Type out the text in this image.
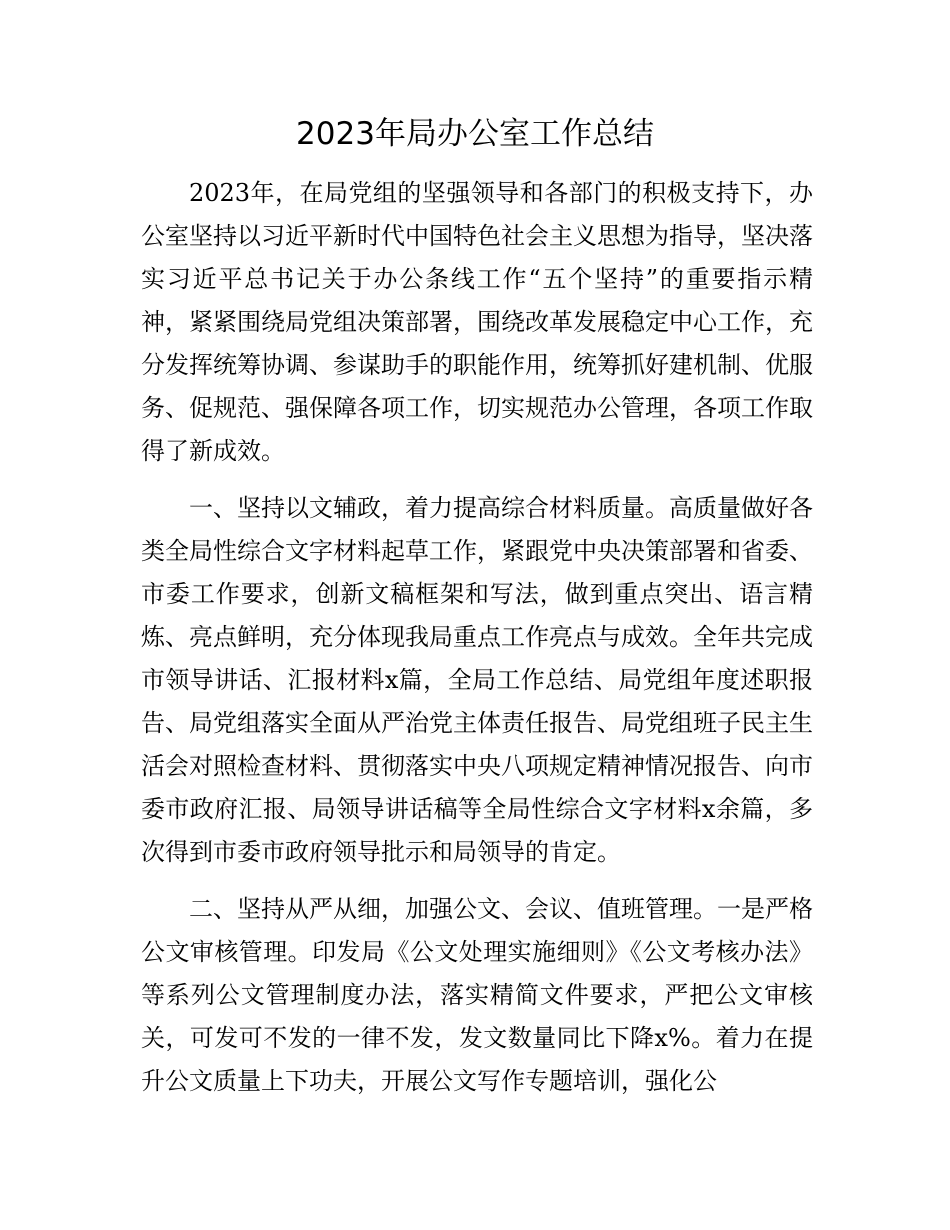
2023年局办公室工作总结

2023年，在局党组的坚强领导和各部门的积极支持下，办公室坚持以习近平新时代中国特色社会主义思想为指导，坚决落实习近平总书记关于办公条线工作“五个坚持”的重要指示精神，紧紧围绕局党组决策部署，围绕改革发展稳定中心工作，充分发挥统筹协调、参谋助手的职能作用，统筹抓好建机制、优服务、促规范、强保障各项工作，切实规范办公管理，各项工作取得了新成效。

一、坚持以文辅政，着力提高综合材料质量。高质量做好各类全局性综合文字材料起草工作，紧跟党中央决策部署和省委、市委工作要求，创新文稿框架和写法，做到重点突出、语言精炼、亮点鲜明，充分体现我局重点工作亮点与成效。全年共完成市领导讲话、汇报材料x篇，全局工作总结、局党组年度述职报告、局党组落实全面从严治党主体责任报告、局党组班子民主生活会对照检查材料、贯彻落实中央八项规定精神情况报告、向市委市政府汇报、局领导讲话稿等全局性综合文字材料x余篇，多次得到市委市政府领导批示和局领导的肯定。

二、坚持从严从细，加强公文、会议、值班管理。一是严格公文审核管理。印发局《公文处理实施细则》《公文考核办法》等系列公文管理制度办法，落实精简文件要求，严把公文审核关，可发可不发的一律不发，发文数量同比下降x%。着力在提升公文质量上下功夫，开展公文写作专题培训，强化公
